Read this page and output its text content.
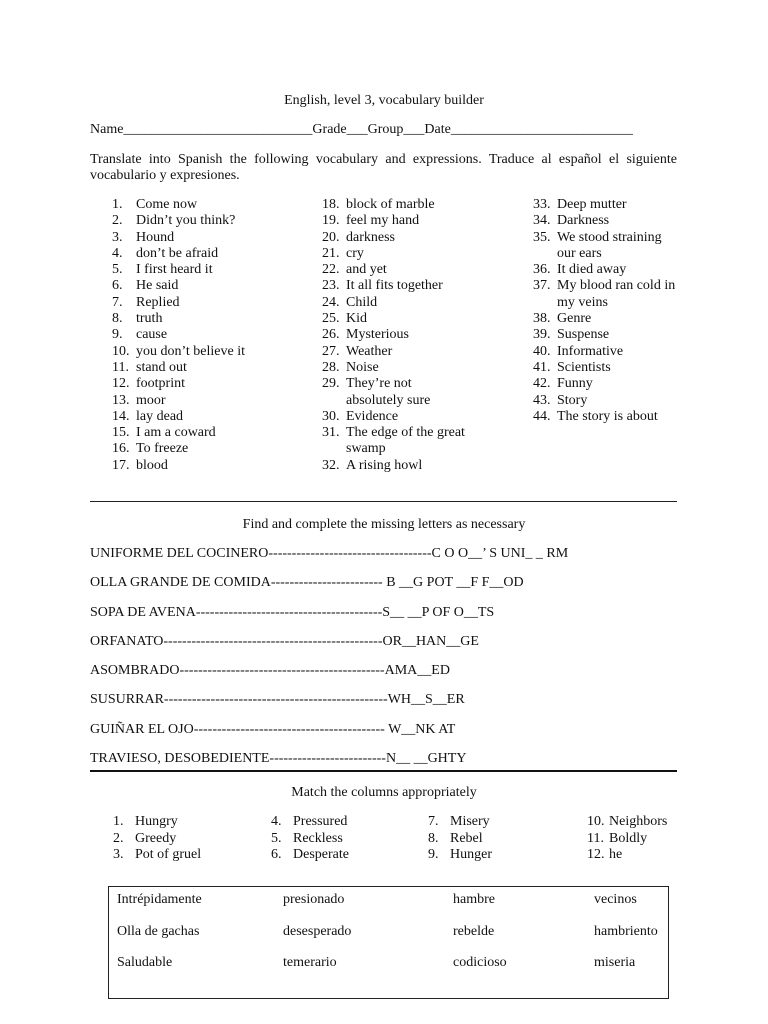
English, level 3, vocabulary builder
Name___________________________Grade___Group___Date__________________________
Translate into Spanish the following vocabulary and expressions. Traduce al español el siguiente vocabulario y expresiones.
1. Come now
2. Didn’t you think?
3. Hound
4. don’t be afraid
5. I first heard it
6. He said
7. Replied
8. truth
9. cause
10. you don’t believe it
11. stand out
12. footprint
13. moor
14. lay dead
15. I am a coward
16. To freeze
17. blood
18. block of marble
19. feel my hand
20. darkness
21. cry
22. and yet
23. It all fits together
24. Child
25. Kid
26. Mysterious
27. Weather
28. Noise
29. They’re not
absolutely sure
30. Evidence
31. The edge of the great
swamp
32. A rising howl
33. Deep mutter
34. Darkness
35. We stood straining
our ears
36. It died away
37. My blood ran cold in
my veins
38. Genre
39. Suspense
40. Informative
41. Scientists
42. Funny
43. Story
44. The story is about
Find and complete the missing letters as necessary
UNIFORME DEL COCINERO-----------------------------------C O O__’ S UNI_ _ RM
OLLA GRANDE DE COMIDA------------------------ B __G POT __F F__OD
SOPA DE AVENA----------------------------------------S__ __P OF O__TS
ORFANATO-----------------------------------------------OR__HAN__GE
ASOMBRADO--------------------------------------------AMA__ED
SUSURRAR------------------------------------------------WH__S__ER
GUIÑAR EL OJO----------------------------------------- W__NK AT
TRAVIESO, DESOBEDIENTE-------------------------N__ __GHTY
Match the columns appropriately
1. Hungry
2. Greedy
3. Pot of gruel
4. Pressured
5. Reckless
6. Desperate
7. Misery
8. Rebel
9. Hunger
10. Neighbors
11. Boldly
12. he
Intrépidamente	presionado	hambre	vecinos
Olla de gachas	desesperado	rebelde	hambriento
Saludable	temerario	codicioso	miseria
